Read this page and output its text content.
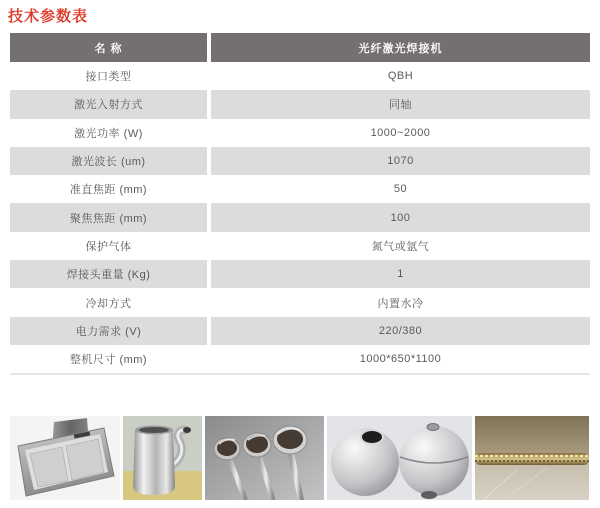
技术参数表
名 称	光纤激光焊接机
接口类型	QBH
激光入射方式	同轴
激光功率 (W)	1000~2000
激光波长 (um)	1070
准直焦距 (mm)	50
聚焦焦距 (mm)	100
保护气体	氮气或氩气
焊接头重量 (Kg)	1
冷却方式	内置水冷
电力需求 (V)	220/380
整机尺寸 (mm)	1000*650*1100
